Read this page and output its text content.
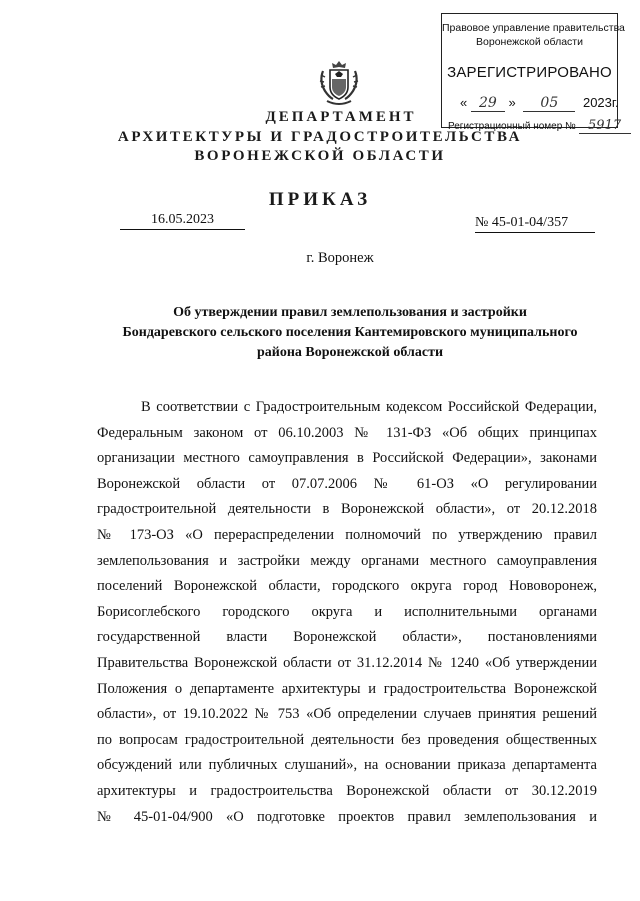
Правовое управление правительства
Воронежской области
ЗАРЕГИСТРИРОВАНО
« 29 » 05 2023г.
Регистрационный номер № 5917
ДЕПАРТАМЕНТ
АРХИТЕКТУРЫ И ГРАДОСТРОИТЕЛЬСТВА
ВОРОНЕЖСКОЙ ОБЛАСТИ
ПРИКАЗ
16.05.2023	№ 45-01-04/357
г. Воронеж
Об утверждении правил землепользования и застройки
Бондаревского сельского поселения Кантемировского муниципального
района Воронежской области
В соответствии с Градостроительным кодексом Российской Федерации,
Федеральным законом от 06.10.2003 № 131-ФЗ «Об общих принципах
организации местного самоуправления в Российской Федерации», законами
Воронежской области от 07.07.2006 № 61-ОЗ «О регулировании
градостроительной деятельности в Воронежской области», от 20.12.2018
№ 173-ОЗ «О перераспределении полномочий по утверждению правил
землепользования и застройки между органами местного самоуправления
поселений Воронежской области, городского округа город Нововоронеж,
Борисоглебского городского округа и исполнительными органами
государственной власти Воронежской области», постановлениями
Правительства Воронежской области от 31.12.2014 № 1240 «Об утверждении
Положения о департаменте архитектуры и градостроительства Воронежской
области», от 19.10.2022 № 753 «Об определении случаев принятия решений
по вопросам градостроительной деятельности без проведения общественных
обсуждений или публичных слушаний», на основании приказа департамента
архитектуры и градостроительства Воронежской области от 30.12.2019
№ 45-01-04/900 «О подготовке проектов правил землепользования и
